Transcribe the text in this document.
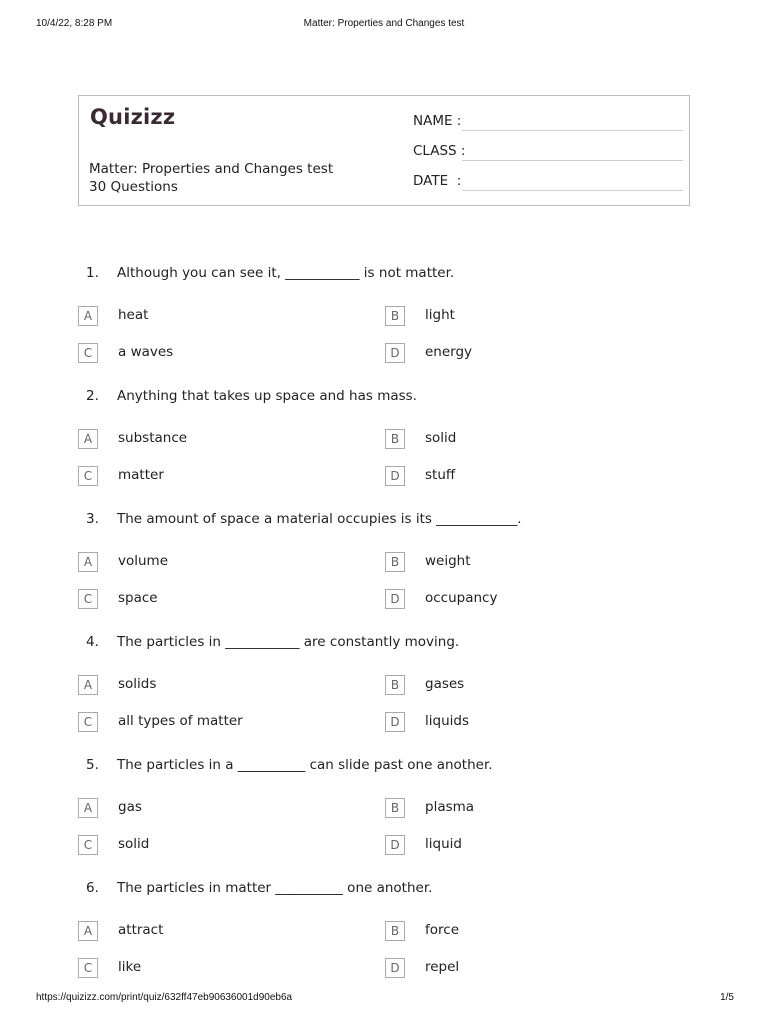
10/4/22, 8:28 PM	Matter: Properties and Changes test
Quizizz
Matter: Properties and Changes test
30 Questions
NAME :
CLASS :
DATE  :
1. Although you can see it, ___________ is not matter.
A	heat	B	light
C	a waves	D	energy
2. Anything that takes up space and has mass.
A	substance	B	solid
C	matter	D	stuff
3. The amount of space a material occupies is its ____________.
A	volume	B	weight
C	space	D	occupancy
4. The particles in ___________ are constantly moving.
A	solids	B	gases
C	all types of matter	D	liquids
5. The particles in a __________ can slide past one another.
A	gas	B	plasma
C	solid	D	liquid
6. The particles in matter __________ one another.
A	attract	B	force
C	like	D	repel
https://quizizz.com/print/quiz/632ff47eb90636001d90eb6a	1/5
